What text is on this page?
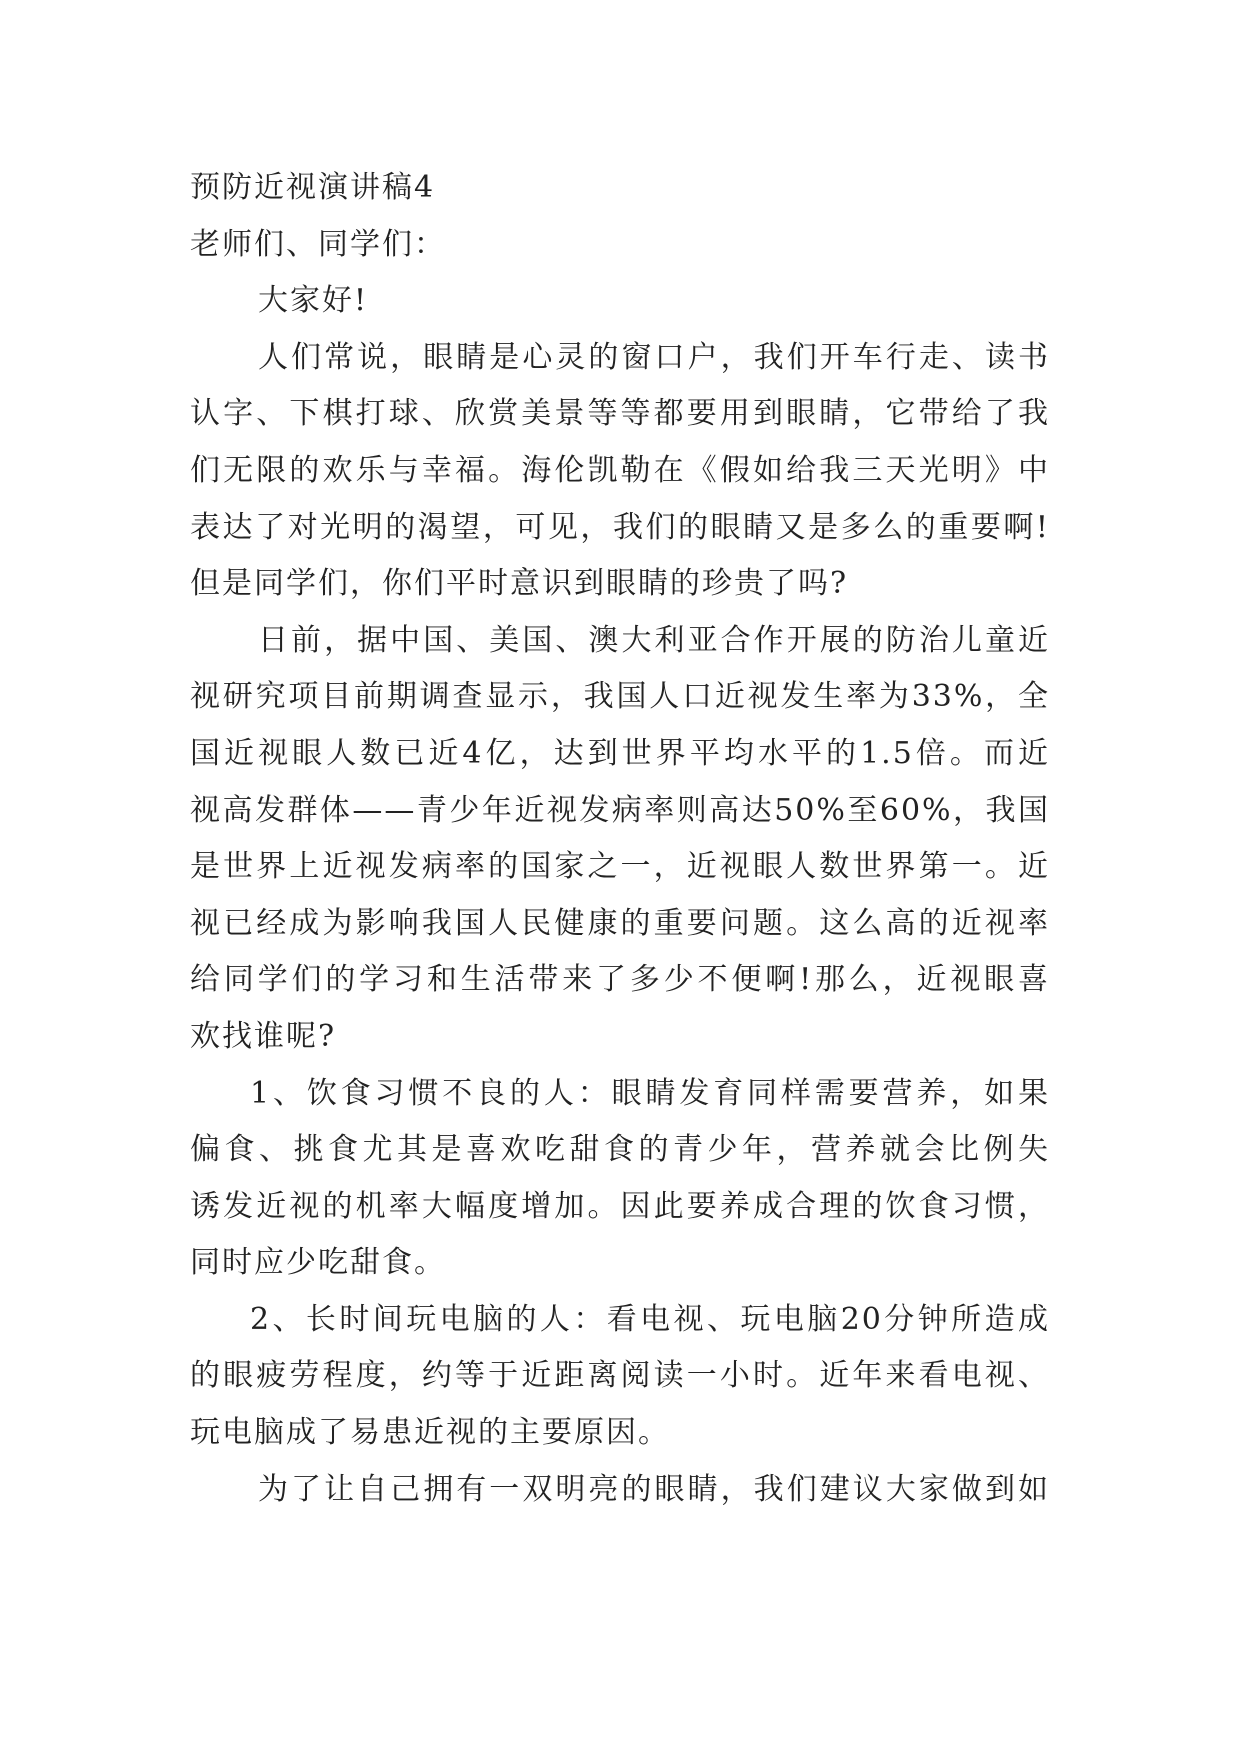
预防近视演讲稿4
老师们、同学们：
大家好!
人们常说，眼睛是心灵的窗口户，我们开车行走、读书
认字、下棋打球、欣赏美景等等都要用到眼睛，它带给了我
们无限的欢乐与幸福。海伦凯勒在《假如给我三天光明》中
表达了对光明的渴望，可见，我们的眼睛又是多么的重要啊!
但是同学们，你们平时意识到眼睛的珍贵了吗?
日前，据中国、美国、澳大利亚合作开展的防治儿童近
视研究项目前期调查显示，我国人口近视发生率为33%，全
国近视眼人数已近4亿，达到世界平均水平的1.5倍。而近
视高发群体——青少年近视发病率则高达50%至60%，我国
是世界上近视发病率的国家之一，近视眼人数世界第一。近
视已经成为影响我国人民健康的重要问题。这么高的近视率
给同学们的学习和生活带来了多少不便啊!那么，近视眼喜
欢找谁呢?
1、饮食习惯不良的人：眼睛发育同样需要营养，如果
偏食、挑食尤其是喜欢吃甜食的青少年，营养就会比例失
诱发近视的机率大幅度增加。因此要养成合理的饮食习惯，
同时应少吃甜食。
2、长时间玩电脑的人：看电视、玩电脑20分钟所造成
的眼疲劳程度，约等于近距离阅读一小时。近年来看电视、
玩电脑成了易患近视的主要原因。
为了让自己拥有一双明亮的眼睛，我们建议大家做到如
